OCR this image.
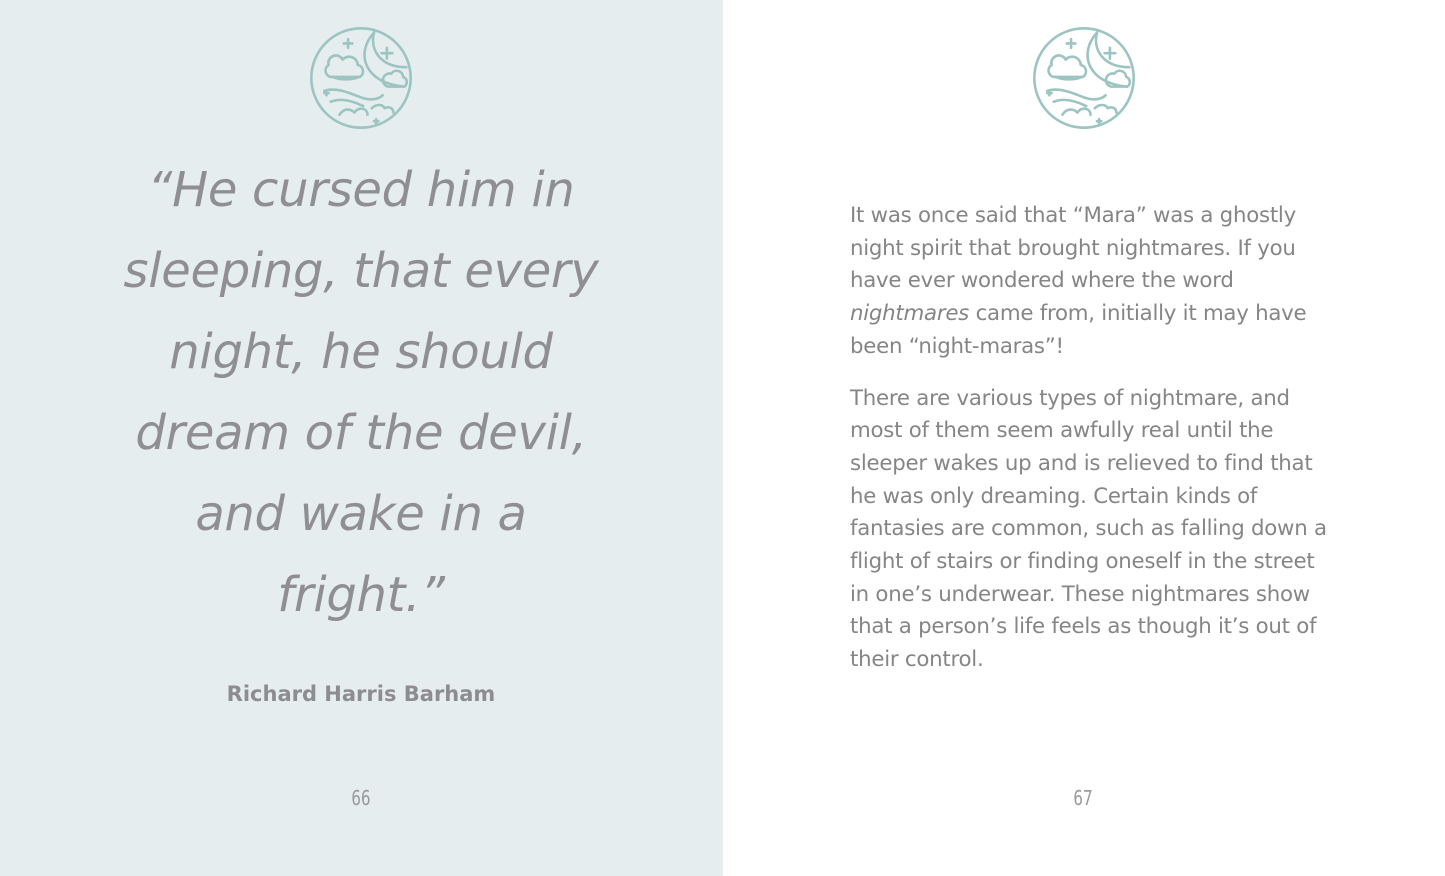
“He cursed him in sleeping, that every night, he should dream of the devil, and wake in a fright.”

Richard Harris Barham
66

It was once said that “Mara” was a ghostly night spirit that brought nightmares. If you have ever wondered where the word nightmares came from, initially it may have been “night-maras”!

There are various types of nightmare, and most of them seem awfully real until the sleeper wakes up and is relieved to find that he was only dreaming. Certain kinds of fantasies are common, such as falling down a flight of stairs or finding oneself in the street in one’s underwear. These nightmares show that a person’s life feels as though it’s out of their control.

67
